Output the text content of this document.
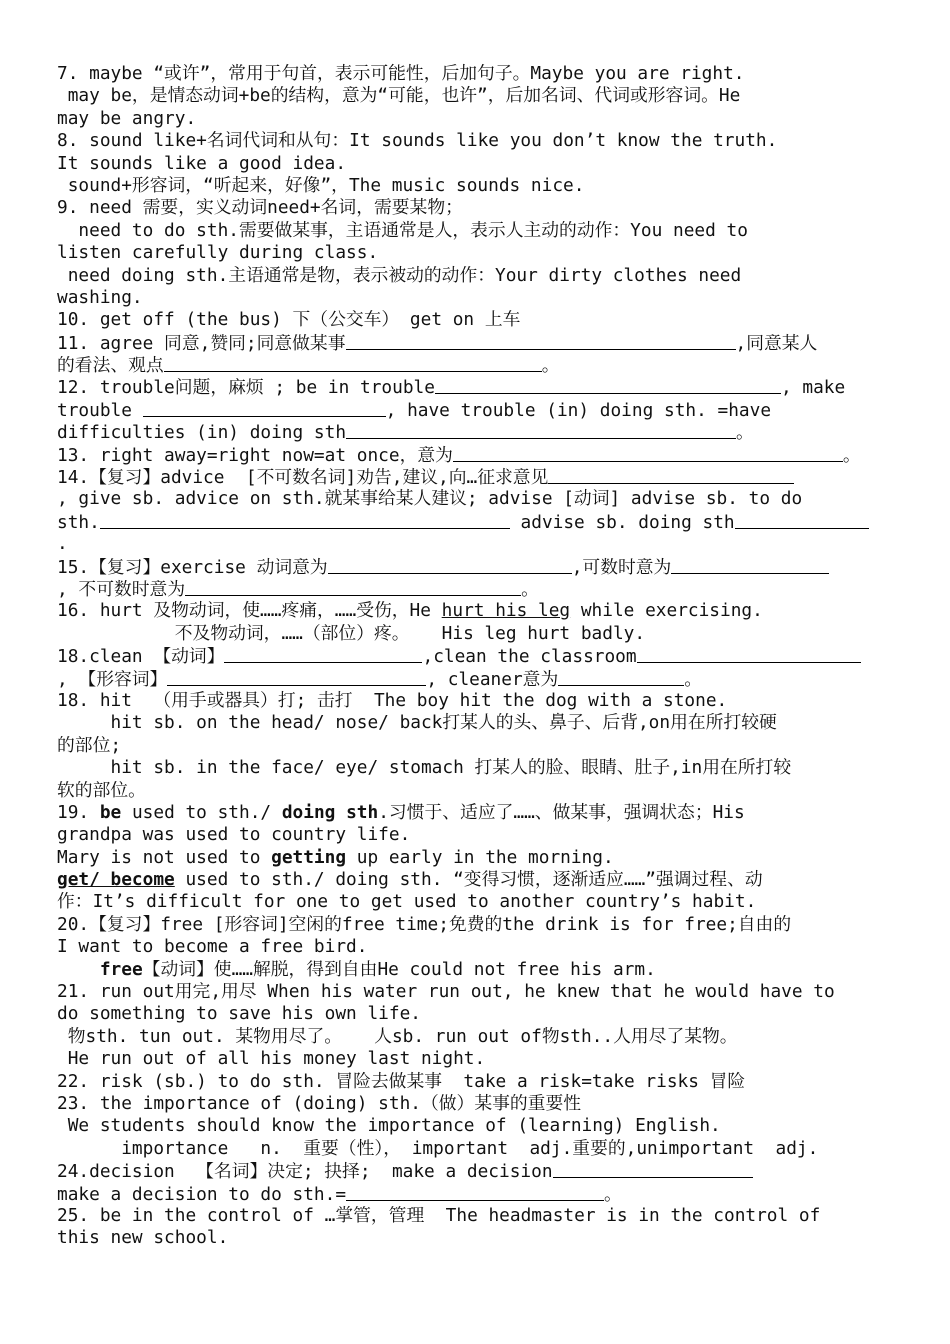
7. maybe “或许”，常用于句首，表示可能性，后加句子。Maybe you are right.
may be，是情态动词+be的结构，意为“可能，也许”，后加名词、代词或形容词。He
may be angry.
8. sound like+名词代词和从句：It sounds like you don’t know the truth.
It sounds like a good idea.
sound+形容词，“听起来，好像”，The music sounds nice.
9. need 需要，实义动词need+名词，需要某物；
need to do sth.需要做某事，主语通常是人，表示人主动的动作：You need to
listen carefully during class.
need doing sth.主语通常是物，表示被动的动作：Your dirty clothes need
washing.
10. get off (the bus) 下（公交车） get on 上车
11. agree 同意,赞同;同意做某事	,同意某人
的看法、观点	。
12. trouble问题，麻烦 ; be in trouble	, make
trouble	, have trouble (in) doing sth. =have
difficulties (in) doing sth	。
13. right away=right now=at once，意为	。
14.【复习】advice  [不可数名词]劝告,建议,向…征求意见
, give sb. advice on sth.就某事给某人建议; advise [动词] advise sb. to do
sth.	advise sb. doing sth
.
15.【复习】exercise 动词意为	,可数时意为
, 不可数时意为	。
16. hurt 及物动词，使……疼痛，……受伤，He hurt his leg while exercising.
不及物动词，……（部位）疼。   His leg hurt badly.
18.clean 【动词】	,clean the classroom
, 【形容词】	, cleaner意为	。
18. hit  （用手或器具）打; 击打  The boy hit the dog with a stone.
hit sb. on the head/ nose/ back打某人的头、鼻子、后背,on用在所打较硬
的部位;
hit sb. in the face/ eye/ stomach 打某人的脸、眼睛、肚子,in用在所打较
软的部位。
19. be used to sth./ doing sth.习惯于、适应了……、做某事，强调状态；His
grandpa was used to country life.
Mary is not used to getting up early in the morning.
get/ become used to sth./ doing sth. “变得习惯，逐渐适应……”强调过程、动
作：It’s difficult for one to get used to another country’s habit.
20.【复习】free [形容词]空闲的free time;免费的the drink is for free;自由的
I want to become a free bird.
free【动词】使……解脱，得到自由He could not free his arm.
21. run out用完,用尽 When his water run out, he knew that he would have to
do something to save his own life.
物sth. tun out. 某物用尽了。   人sb. run out of物sth..人用尽了某物。
He run out of all his money last night.
22. risk (sb.) to do sth. 冒险去做某事  take a risk=take risks 冒险
23. the importance of (doing) sth.（做）某事的重要性
We students should know the importance of (learning) English.
importance   n.  重要（性）， important  adj.重要的,unimportant  adj.
24.decision  【名词】决定; 抉择;  make a decision
make a decision to do sth.=	。
25. be in the control of …掌管，管理  The headmaster is in the control of
this new school.
